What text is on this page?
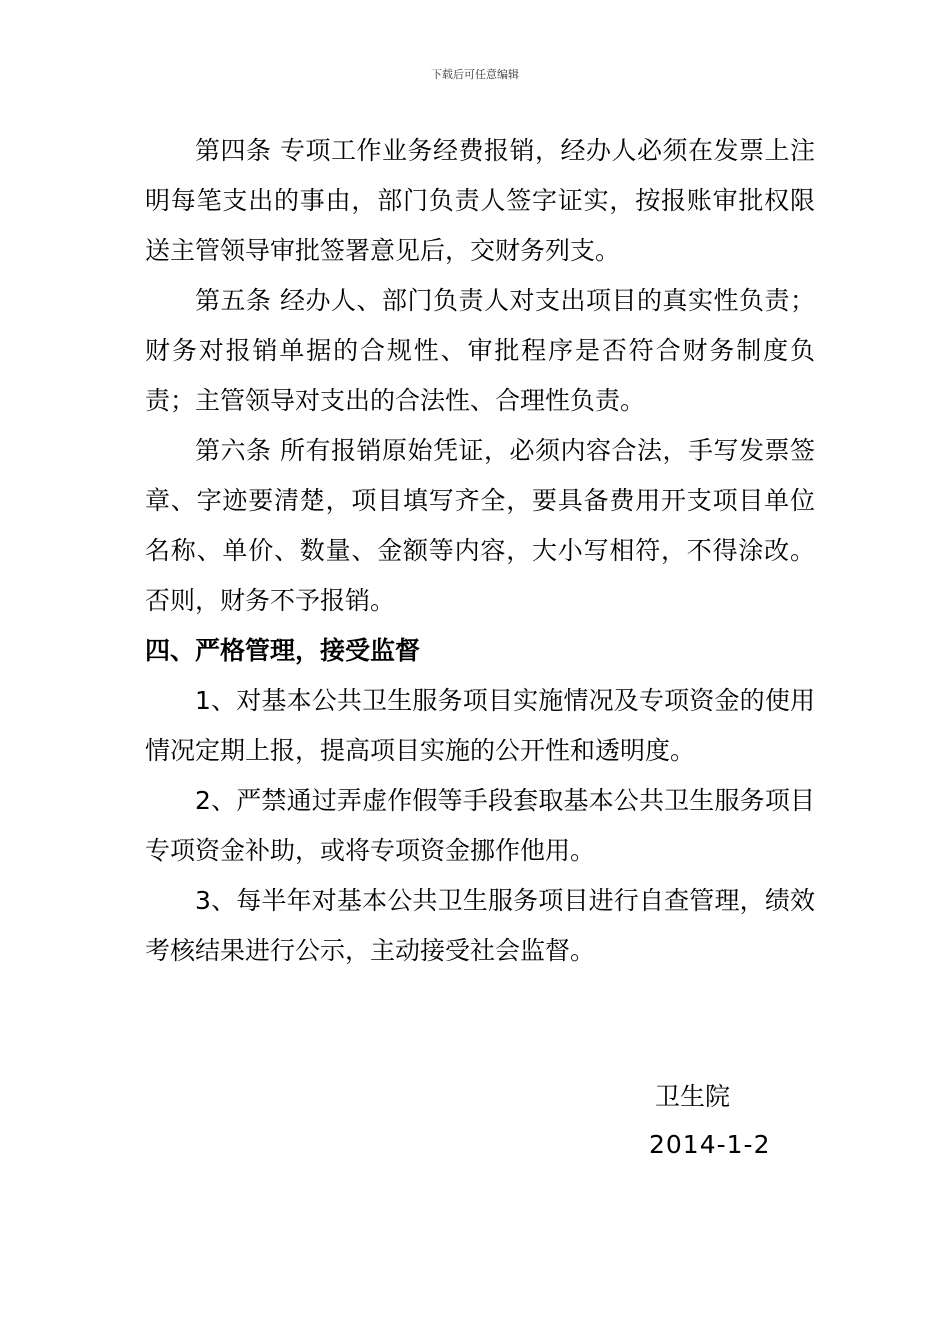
下载后可任意编辑

第四条 专项工作业务经费报销，经办人必须在发票上注明每笔支出的事由，部门负责人签字证实，按报账审批权限送主管领导审批签署意见后，交财务列支。

第五条 经办人、部门负责人对支出项目的真实性负责；财务对报销单据的合规性、审批程序是否符合财务制度负责；主管领导对支出的合法性、合理性负责。

第六条 所有报销原始凭证，必须内容合法，手写发票签章、字迹要清楚，项目填写齐全，要具备费用开支项目单位名称、单价、数量、金额等内容，大小写相符，不得涂改。否则，财务不予报销。

四、严格管理，接受监督

1、对基本公共卫生服务项目实施情况及专项资金的使用情况定期上报，提高项目实施的公开性和透明度。

2、严禁通过弄虚作假等手段套取基本公共卫生服务项目专项资金补助，或将专项资金挪作他用。

3、每半年对基本公共卫生服务项目进行自查管理，绩效考核结果进行公示，主动接受社会监督。

卫生院
2014-1-2
